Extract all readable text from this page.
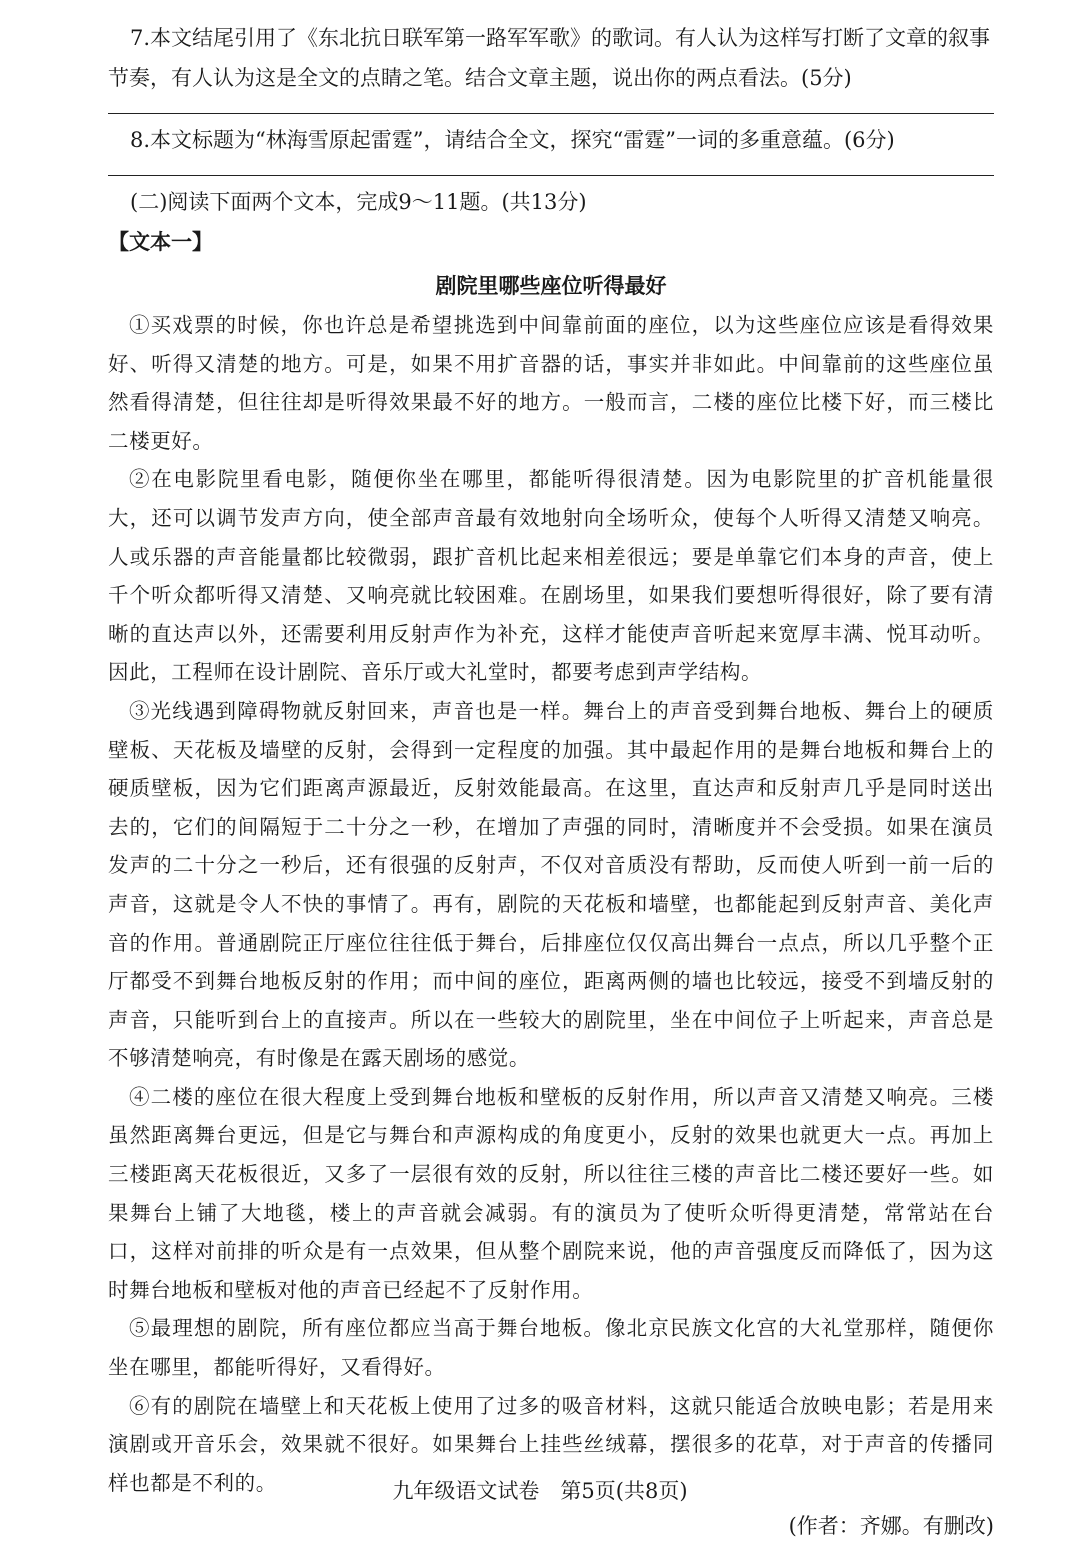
7.本文结尾引用了《东北抗日联军第一路军军歌》的歌词。有人认为这样写打断了文章的叙事节奏，有人认为这是全文的点睛之笔。结合文章主题，说出你的两点看法。(5分)

8.本文标题为“林海雪原起雷霆”，请结合全文，探究“雷霆”一词的多重意蕴。(6分)

(二)阅读下面两个文本，完成9～11题。(共13分)

【文本一】

剧院里哪些座位听得最好

①买戏票的时候，你也许总是希望挑选到中间靠前面的座位，以为这些座位应该是看得效果好、听得又清楚的地方。可是，如果不用扩音器的话，事实并非如此。中间靠前的这些座位虽然看得清楚，但往往却是听得效果最不好的地方。一般而言，二楼的座位比楼下好，而三楼比二楼更好。

②在电影院里看电影，随便你坐在哪里，都能听得很清楚。因为电影院里的扩音机能量很大，还可以调节发声方向，使全部声音最有效地射向全场听众，使每个人听得又清楚又响亮。人或乐器的声音能量都比较微弱，跟扩音机比起来相差很远；要是单靠它们本身的声音，使上千个听众都听得又清楚、又响亮就比较困难。在剧场里，如果我们要想听得很好，除了要有清晰的直达声以外，还需要利用反射声作为补充，这样才能使声音听起来宽厚丰满、悦耳动听。因此，工程师在设计剧院、音乐厅或大礼堂时，都要考虑到声学结构。

③光线遇到障碍物就反射回来，声音也是一样。舞台上的声音受到舞台地板、舞台上的硬质壁板、天花板及墙壁的反射，会得到一定程度的加强。其中最起作用的是舞台地板和舞台上的硬质壁板，因为它们距离声源最近，反射效能最高。在这里，直达声和反射声几乎是同时送出去的，它们的间隔短于二十分之一秒，在增加了声强的同时，清晰度并不会受损。如果在演员发声的二十分之一秒后，还有很强的反射声，不仅对音质没有帮助，反而使人听到一前一后的声音，这就是令人不快的事情了。再有，剧院的天花板和墙壁，也都能起到反射声音、美化声音的作用。普通剧院正厅座位往往低于舞台，后排座位仅仅高出舞台一点点，所以几乎整个正厅都受不到舞台地板反射的作用；而中间的座位，距离两侧的墙也比较远，接受不到墙反射的声音，只能听到台上的直接声。所以在一些较大的剧院里，坐在中间位子上听起来，声音总是不够清楚响亮，有时像是在露天剧场的感觉。

④二楼的座位在很大程度上受到舞台地板和壁板的反射作用，所以声音又清楚又响亮。三楼虽然距离舞台更远，但是它与舞台和声源构成的角度更小，反射的效果也就更大一点。再加上三楼距离天花板很近，又多了一层很有效的反射，所以往往三楼的声音比二楼还要好一些。如果舞台上铺了大地毯，楼上的声音就会减弱。有的演员为了使听众听得更清楚，常常站在台口，这样对前排的听众是有一点效果，但从整个剧院来说，他的声音强度反而降低了，因为这时舞台地板和壁板对他的声音已经起不了反射作用。

⑤最理想的剧院，所有座位都应当高于舞台地板。像北京民族文化宫的大礼堂那样，随便你坐在哪里，都能听得好，又看得好。

⑥有的剧院在墙壁上和天花板上使用了过多的吸音材料，这就只能适合放映电影；若是用来演剧或开音乐会，效果就不很好。如果舞台上挂些丝绒幕，摆很多的花草，对于声音的传播同样也都是不利的。

(作者：齐娜。有删改)

九年级语文试卷　第5页(共8页)
